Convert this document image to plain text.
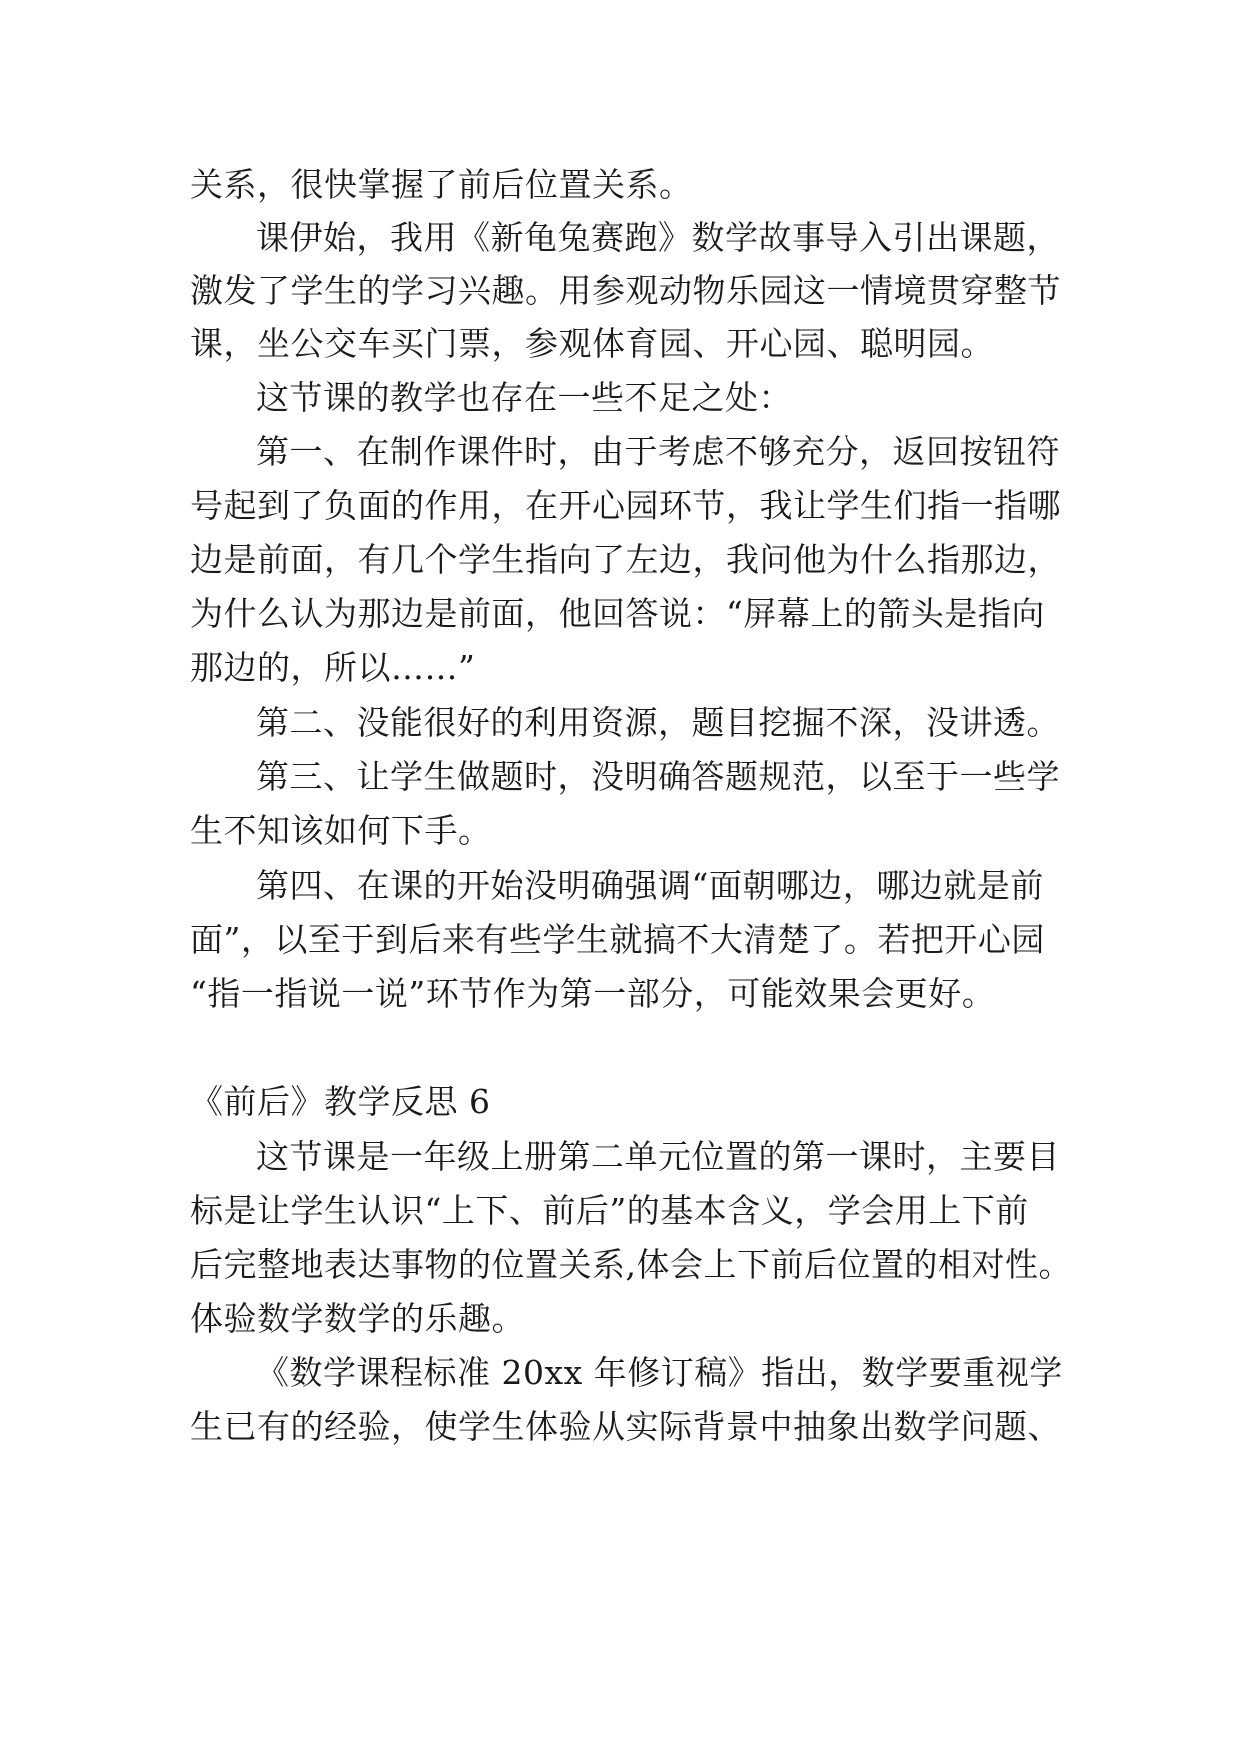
关系，很快掌握了前后位置关系。
课伊始，我用《新龟兔赛跑》数学故事导入引出课题，
激发了学生的学习兴趣。用参观动物乐园这一情境贯穿整节
课，坐公交车买门票，参观体育园、开心园、聪明园。
这节课的教学也存在一些不足之处：
第一、在制作课件时，由于考虑不够充分，返回按钮符
号起到了负面的作用，在开心园环节，我让学生们指一指哪
边是前面，有几个学生指向了左边，我问他为什么指那边，
为什么认为那边是前面，他回答说：“屏幕上的箭头是指向
那边的，所以……”
第二、没能很好的利用资源，题目挖掘不深，没讲透。
第三、让学生做题时，没明确答题规范，以至于一些学
生不知该如何下手。
第四、在课的开始没明确强调“面朝哪边，哪边就是前
面”，以至于到后来有些学生就搞不大清楚了。若把开心园
“指一指说一说”环节作为第一部分，可能效果会更好。
《前后》教学反思 6
这节课是一年级上册第二单元位置的第一课时，主要目
标是让学生认识“上下、前后”的基本含义，学会用上下前
后完整地表达事物的位置关系,体会上下前后位置的相对性。
体验数学数学的乐趣。
《数学课程标准 20xx 年修订稿》指出，数学要重视学
生已有的经验，使学生体验从实际背景中抽象出数学问题、
